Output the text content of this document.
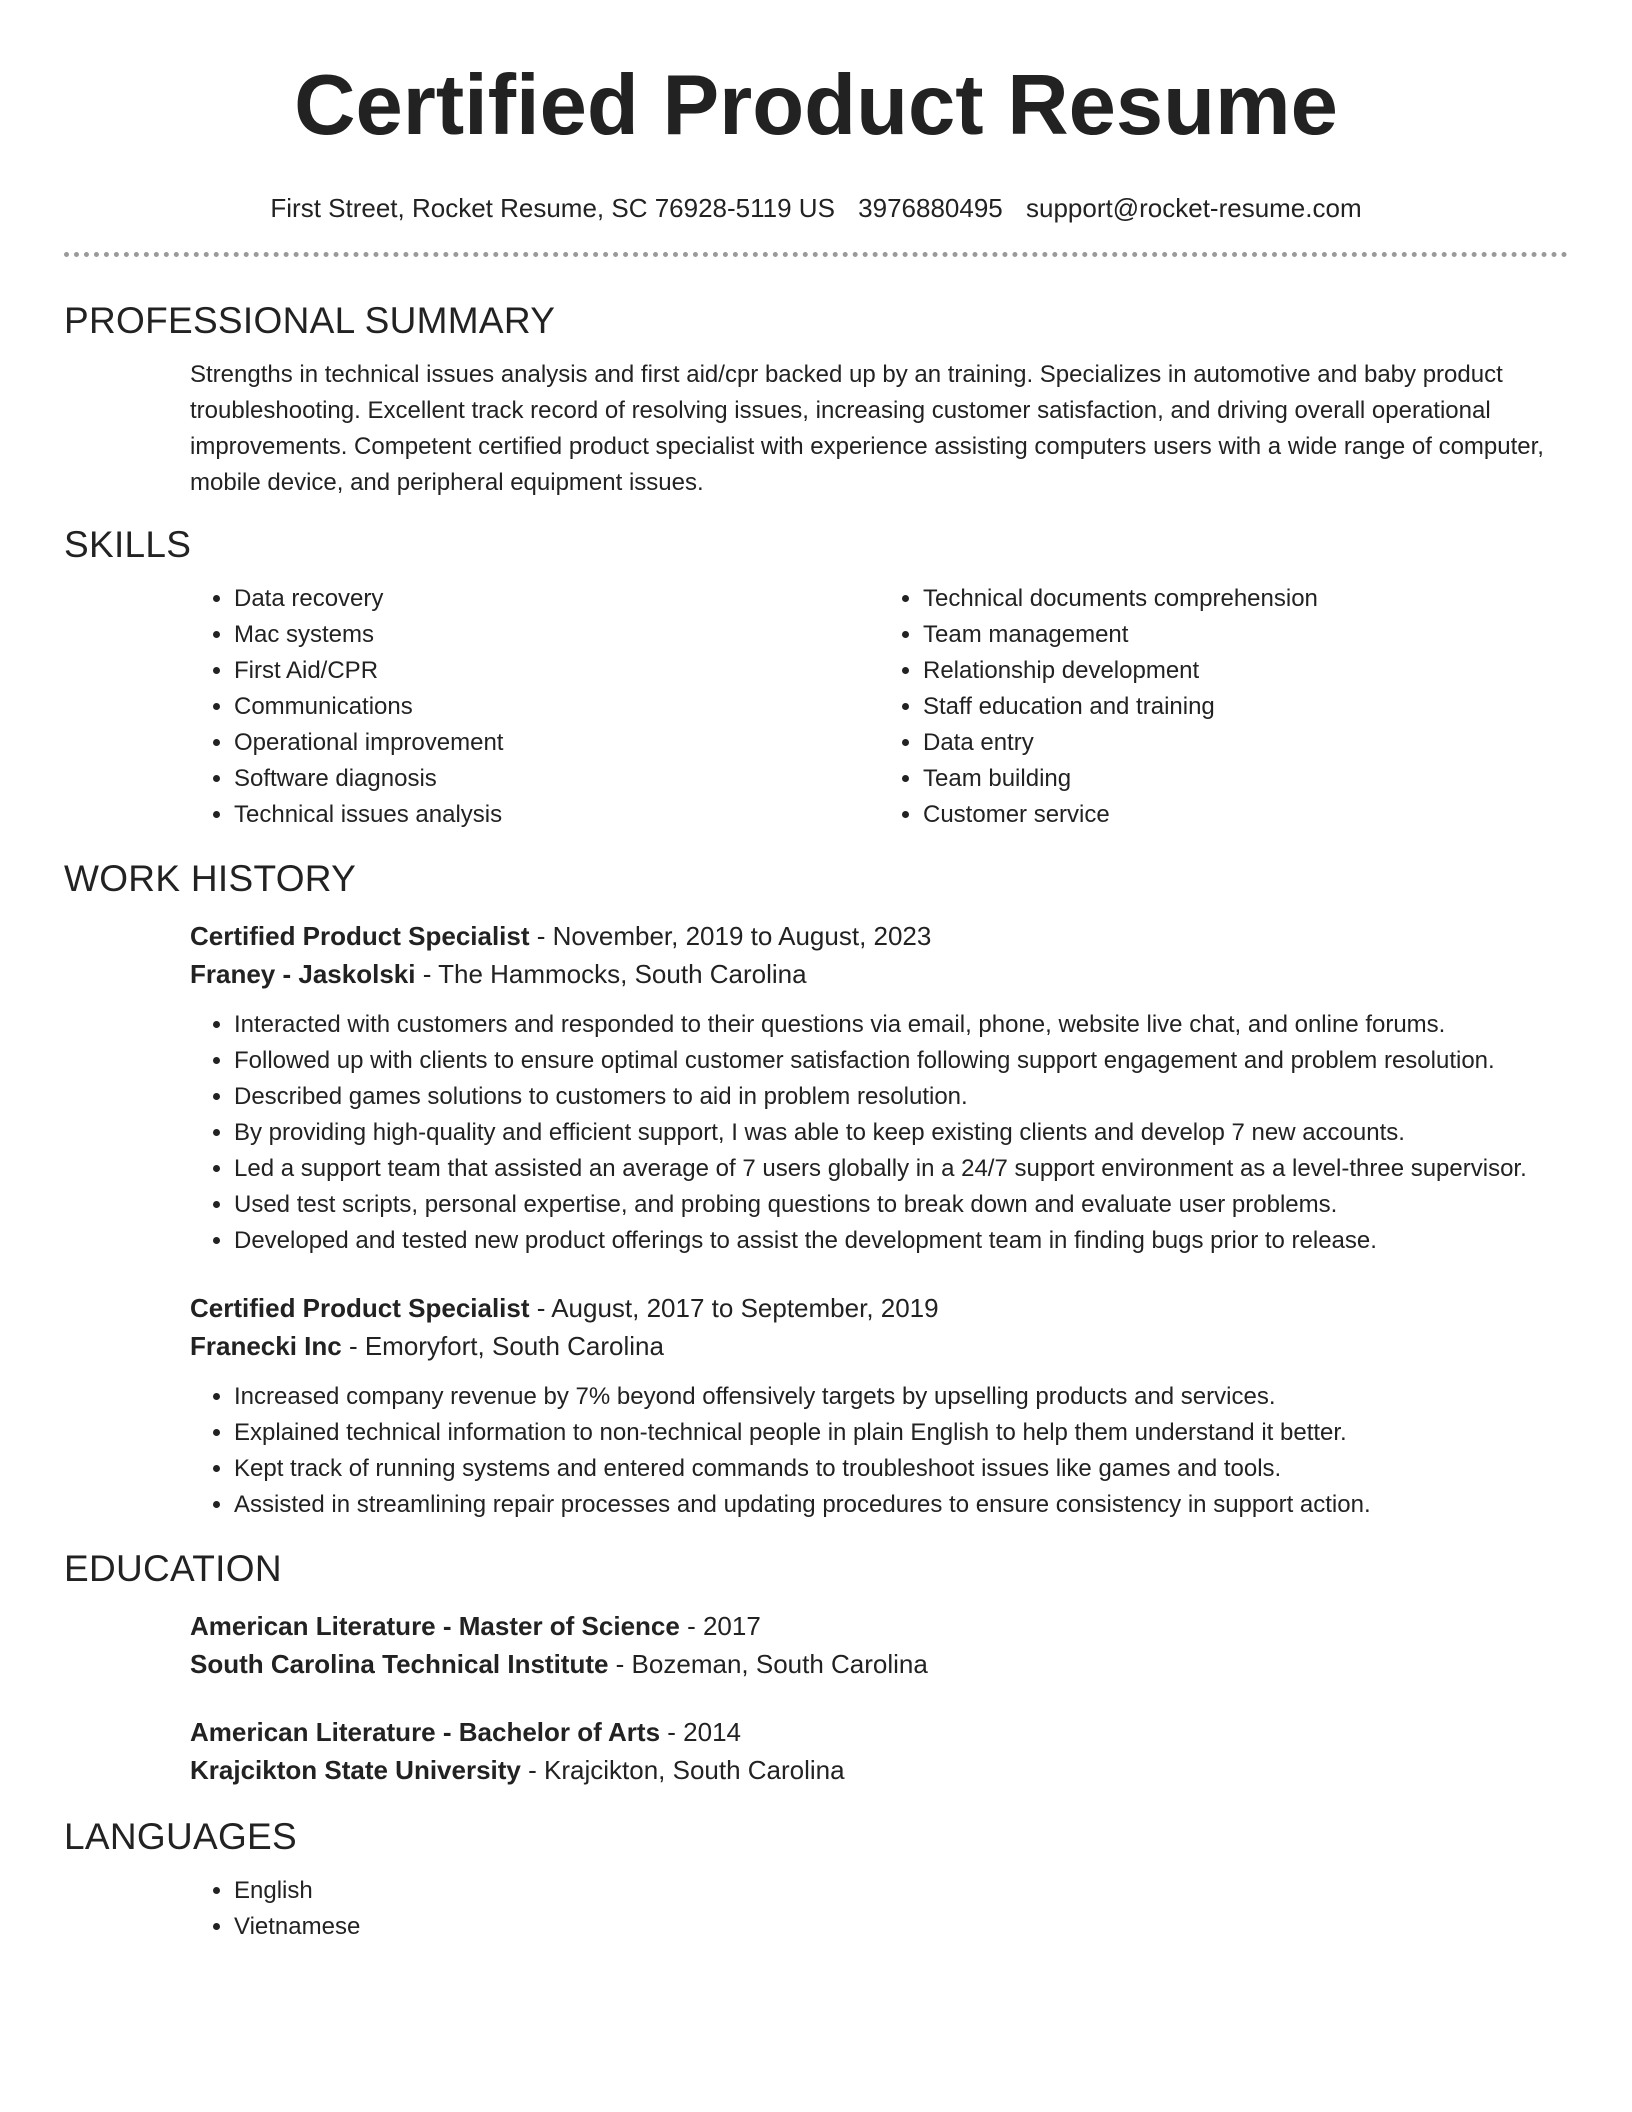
Certified Product Resume
First Street, Rocket Resume, SC 76928-5119 US 3976880495 support@rocket-resume.com
PROFESSIONAL SUMMARY

Strengths in technical issues analysis and first aid/cpr backed up by an training. Specializes in automotive and baby product troubleshooting. Excellent track record of resolving issues, increasing customer satisfaction, and driving overall operational improvements. Competent certified product specialist with experience assisting computers users with a wide range of computer, mobile device, and peripheral equipment issues.

SKILLS
• Data recovery
• Mac systems
• First Aid/CPR
• Communications
• Operational improvement
• Software diagnosis
• Technical issues analysis
• Technical documents comprehension
• Team management
• Relationship development
• Staff education and training
• Data entry
• Team building
• Customer service
WORK HISTORY
Certified Product Specialist - November, 2019 to August, 2023
Franey - Jaskolski - The Hammocks, South Carolina
• Interacted with customers and responded to their questions via email, phone, website live chat, and online forums.
• Followed up with clients to ensure optimal customer satisfaction following support engagement and problem resolution.
• Described games solutions to customers to aid in problem resolution.
• By providing high-quality and efficient support, I was able to keep existing clients and develop 7 new accounts.
• Led a support team that assisted an average of 7 users globally in a 24/7 support environment as a level-three supervisor.
• Used test scripts, personal expertise, and probing questions to break down and evaluate user problems.
• Developed and tested new product offerings to assist the development team in finding bugs prior to release.
Certified Product Specialist - August, 2017 to September, 2019
Franecki Inc - Emoryfort, South Carolina
• Increased company revenue by 7% beyond offensively targets by upselling products and services.
• Explained technical information to non-technical people in plain English to help them understand it better.
• Kept track of running systems and entered commands to troubleshoot issues like games and tools.
• Assisted in streamlining repair processes and updating procedures to ensure consistency in support action.
EDUCATION
American Literature - Master of Science - 2017
South Carolina Technical Institute - Bozeman, South Carolina
American Literature - Bachelor of Arts - 2014
Krajcikton State University - Krajcikton, South Carolina
LANGUAGES
• English
• Vietnamese
